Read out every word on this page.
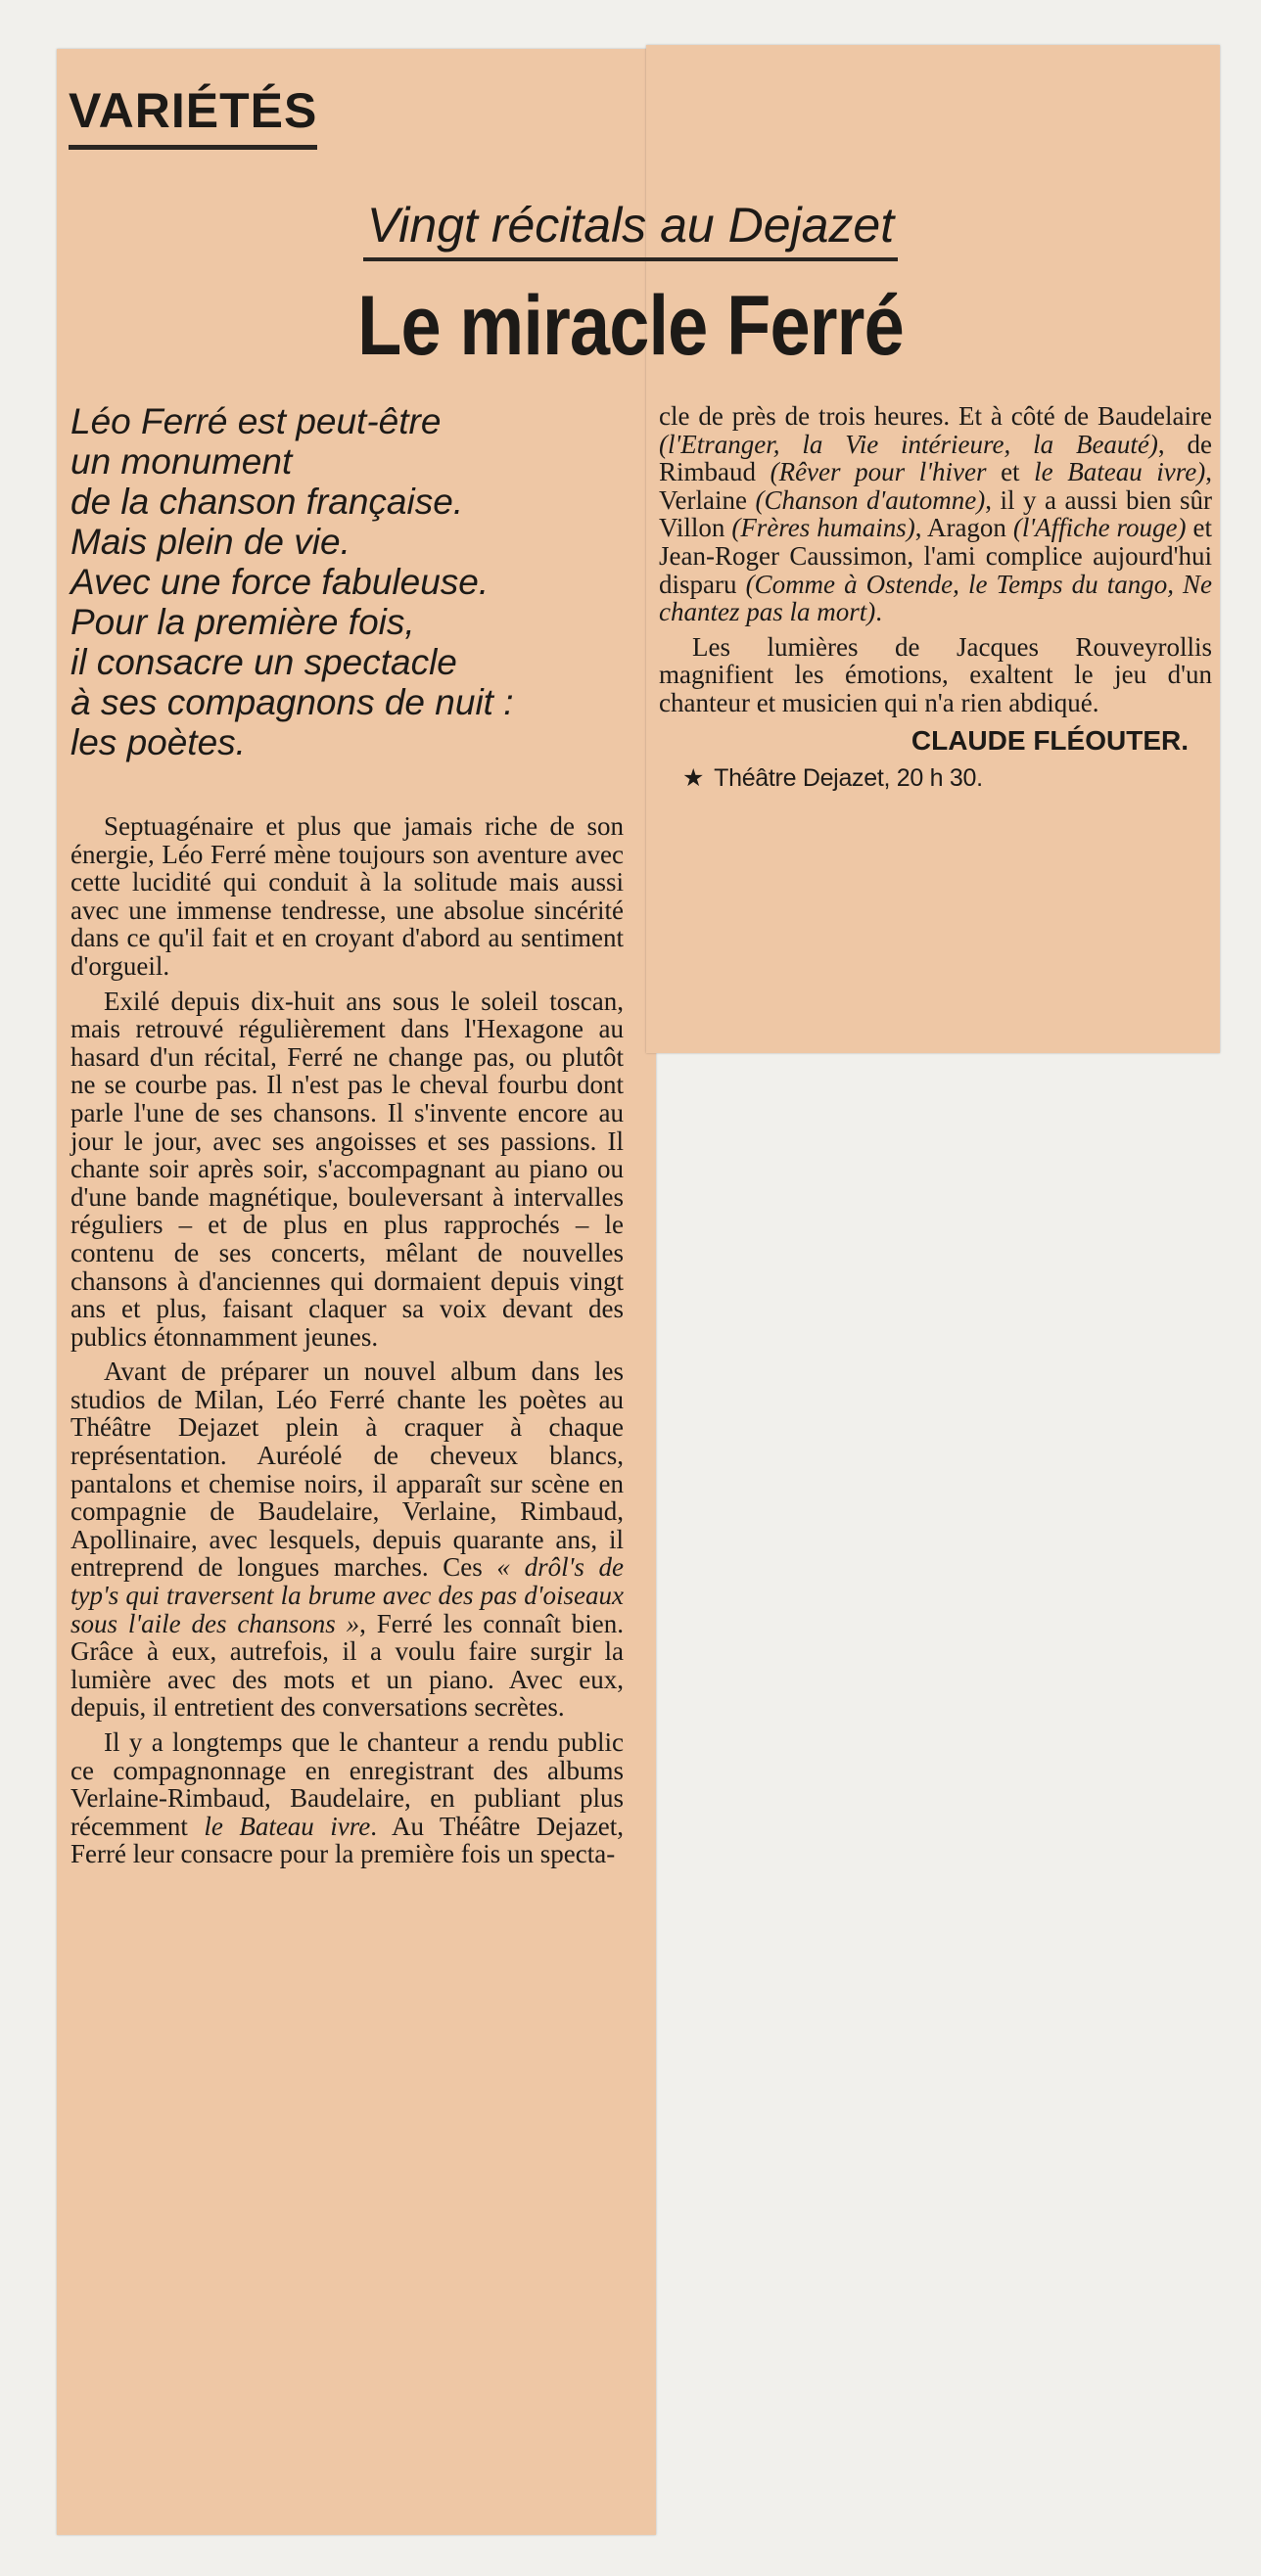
VARIÉTÉS
Vingt récitals au Dejazet
Le miracle Ferré
Léo Ferré est peut-être
un monument
de la chanson française.
Mais plein de vie.
Avec une force fabuleuse.
Pour la première fois,
il consacre un spectacle
à ses compagnons de nuit :
les poètes.

Septuagénaire et plus que jamais riche de son énergie, Léo Ferré mène toujours son aventure avec cette lucidité qui conduit à la solitude mais aussi avec une immense tendresse, une absolue sincérité dans ce qu'il fait et en croyant d'abord au sentiment d'orgueil.

Exilé depuis dix-huit ans sous le soleil toscan, mais retrouvé régulièrement dans l'Hexagone au hasard d'un récital, Ferré ne change pas, ou plutôt ne se courbe pas. Il n'est pas le cheval fourbu dont parle l'une de ses chansons. Il s'invente encore au jour le jour, avec ses angoisses et ses passions. Il chante soir après soir, s'accompagnant au piano ou d'une bande magnétique, bouleversant à intervalles réguliers – et de plus en plus rapprochés – le contenu de ses concerts, mêlant de nouvelles chansons à d'anciennes qui dormaient depuis vingt ans et plus, faisant claquer sa voix devant des publics étonnamment jeunes.

Avant de préparer un nouvel album dans les studios de Milan, Léo Ferré chante les poètes au Théâtre Dejazet plein à craquer à chaque représentation. Auréolé de cheveux blancs, pantalons et chemise noirs, il apparaît sur scène en compagnie de Baudelaire, Verlaine, Rimbaud, Apollinaire, avec lesquels, depuis quarante ans, il entreprend de longues marches. Ces « drôl's de typ's qui traversent la brume avec des pas d'oiseaux sous l'aile des chansons », Ferré les connaît bien. Grâce à eux, autrefois, il a voulu faire surgir la lumière avec des mots et un piano. Avec eux, depuis, il entretient des conversations secrètes.

Il y a longtemps que le chanteur a rendu public ce compagnonnage en enregistrant des albums Verlaine-Rimbaud, Baudelaire, en publiant plus récemment le Bateau ivre. Au Théâtre Dejazet, Ferré leur consacre pour la première fois un specta-

cle de près de trois heures. Et à côté de Baudelaire (l'Etranger, la Vie intérieure, la Beauté), de Rimbaud (Rêver pour l'hiver et le Bateau ivre), Verlaine (Chanson d'automne), il y a aussi bien sûr Villon (Frères humains), Aragon (l'Affiche rouge) et Jean-Roger Caussimon, l'ami complice aujourd'hui disparu (Comme à Ostende, le Temps du tango, Ne chantez pas la mort).

Les lumières de Jacques Rouveyrollis magnifient les émotions, exaltent le jeu d'un chanteur et musicien qui n'a rien abdiqué.

CLAUDE FLÉOUTER.
★ Théâtre Dejazet, 20 h 30.
